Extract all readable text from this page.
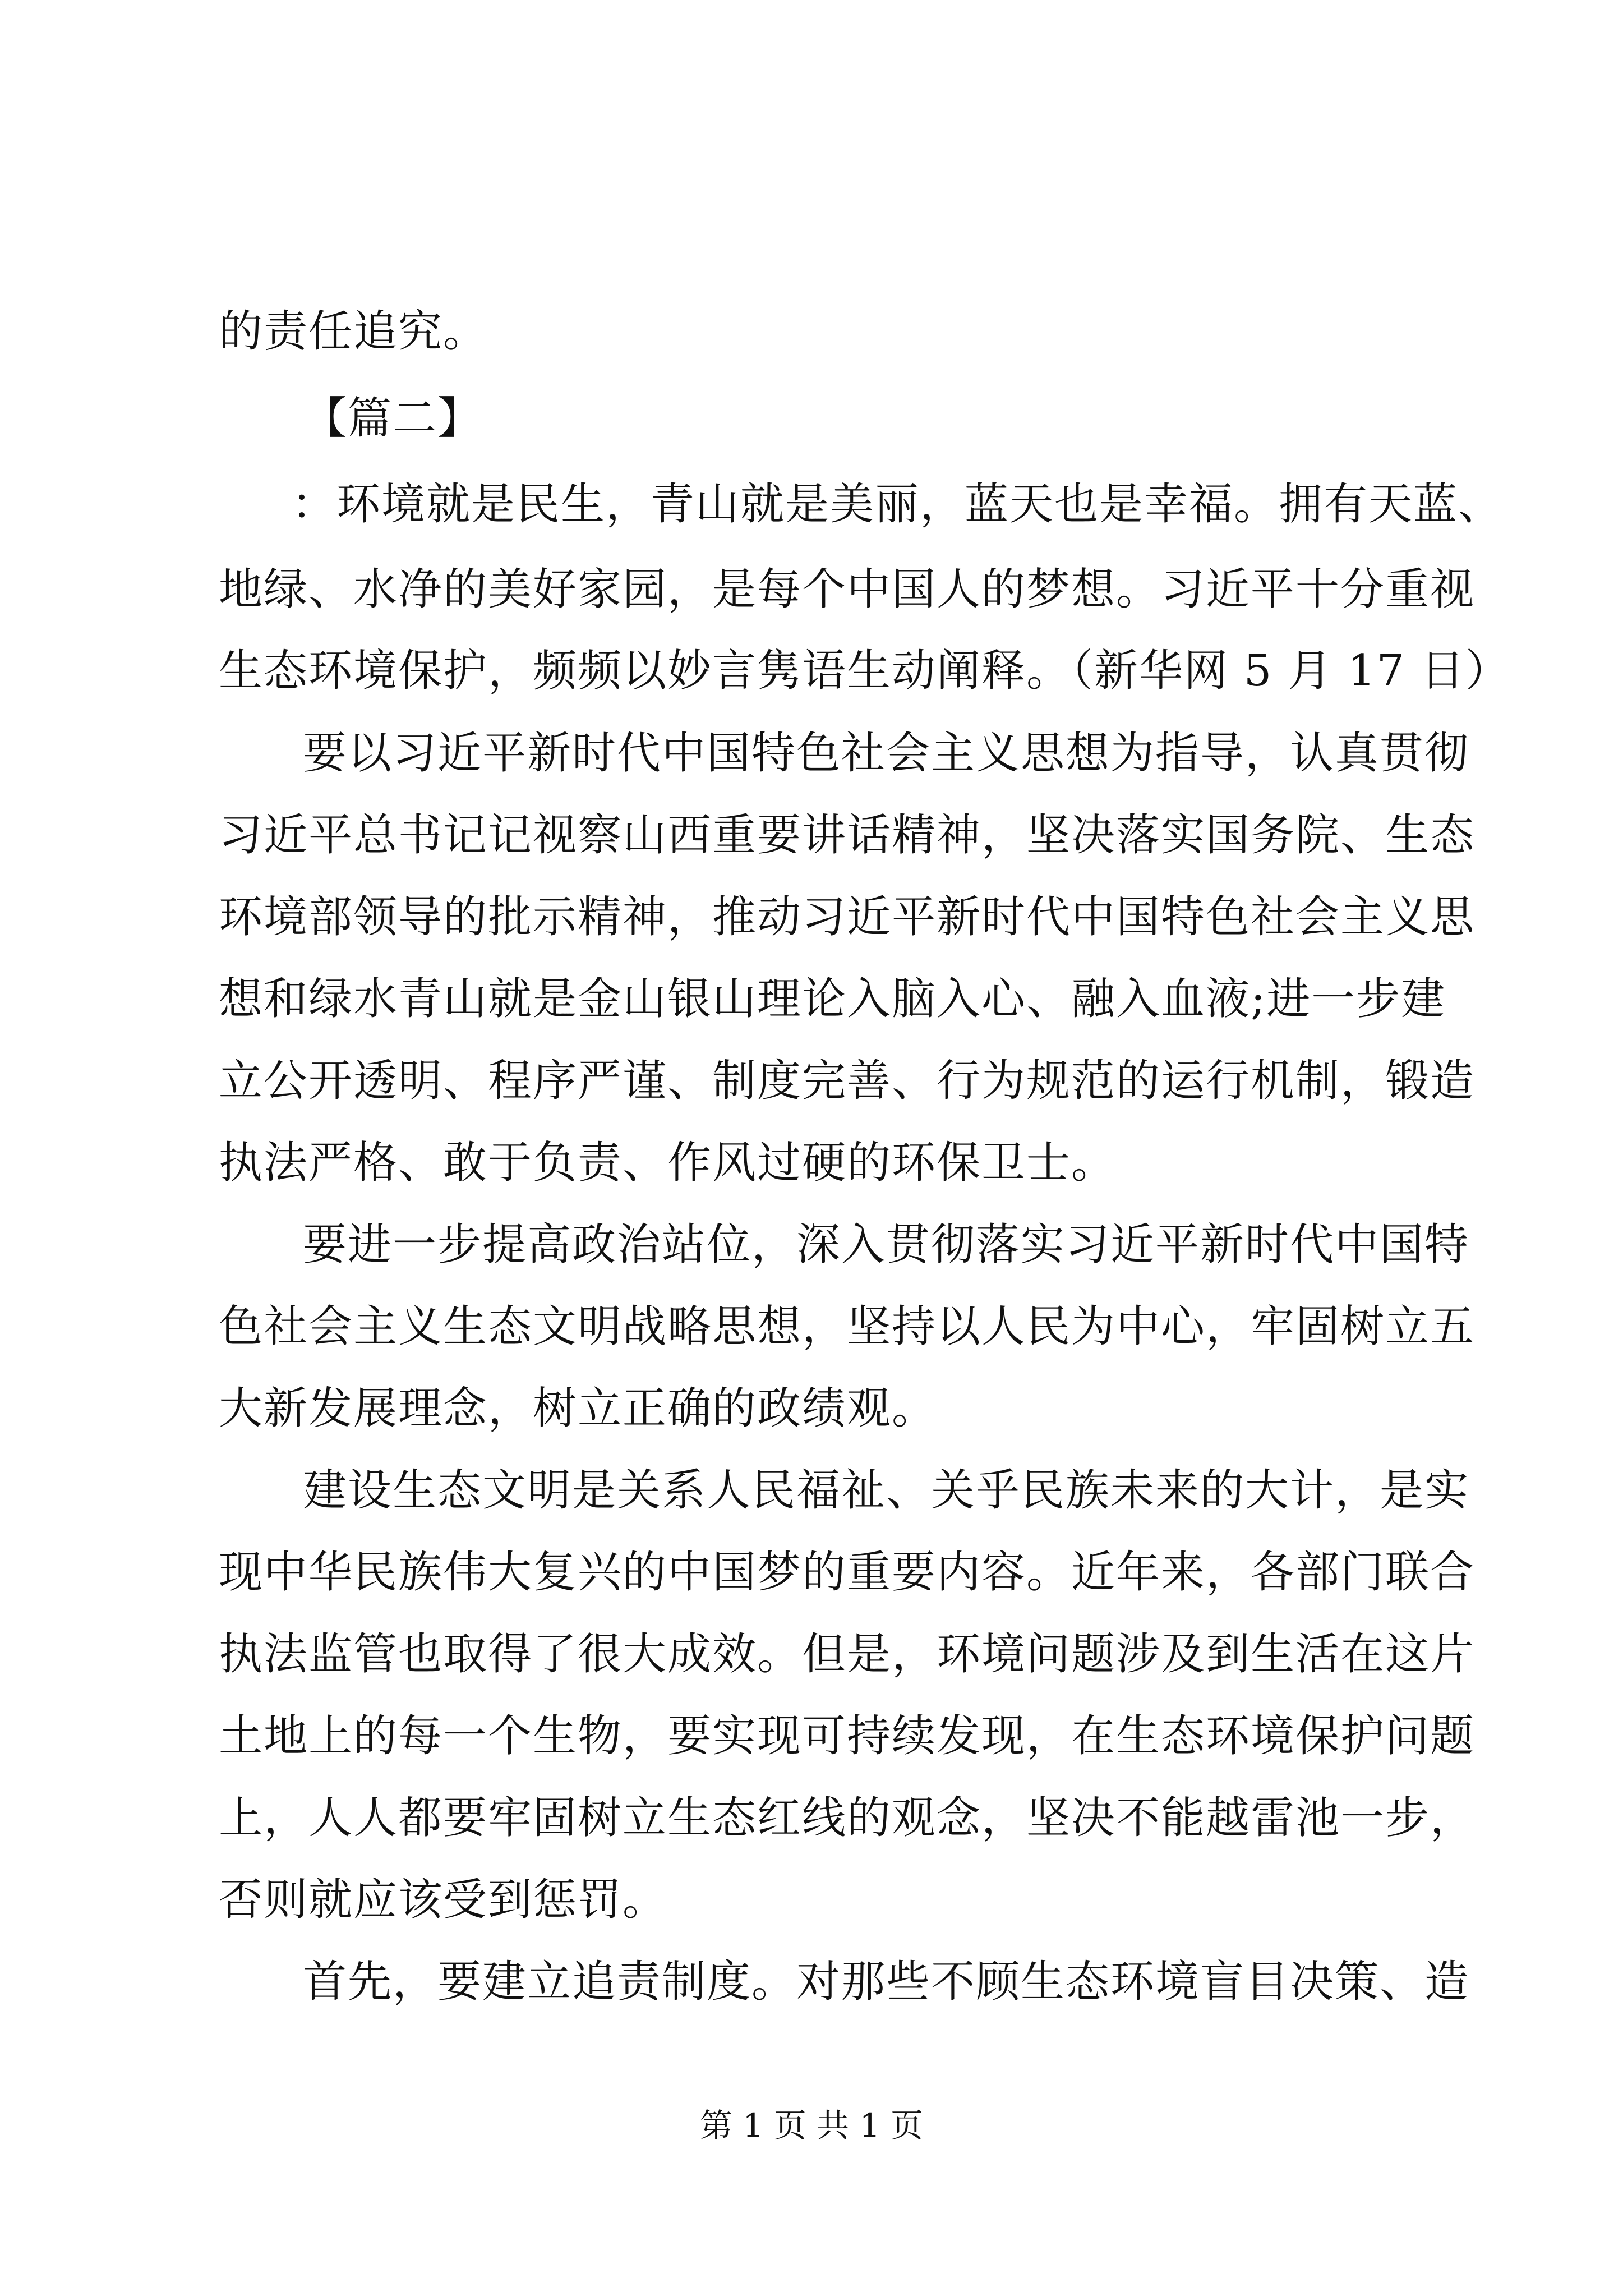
的责任追究。
【篇二】
：环境就是民生，青山就是美丽，蓝天也是幸福。拥有天蓝、
地绿、水净的美好家园，是每个中国人的梦想。习近平十分重视
生态环境保护，频频以妙言隽语生动阐释。（新华网 5 月 17 日）
要以习近平新时代中国特色社会主义思想为指导，认真贯彻
习近平总书记记视察山西重要讲话精神，坚决落实国务院、生态
环境部领导的批示精神，推动习近平新时代中国特色社会主义思
想和绿水青山就是金山银山理论入脑入心、融入血液;进一步建
立公开透明、程序严谨、制度完善、行为规范的运行机制，锻造
执法严格、敢于负责、作风过硬的环保卫士。
要进一步提高政治站位，深入贯彻落实习近平新时代中国特
色社会主义生态文明战略思想，坚持以人民为中心，牢固树立五
大新发展理念，树立正确的政绩观。
建设生态文明是关系人民福祉、关乎民族未来的大计，是实
现中华民族伟大复兴的中国梦的重要内容。近年来，各部门联合
执法监管也取得了很大成效。但是，环境问题涉及到生活在这片
土地上的每一个生物，要实现可持续发现，在生态环境保护问题
上，人人都要牢固树立生态红线的观念，坚决不能越雷池一步，
否则就应该受到惩罚。
首先，要建立追责制度。对那些不顾生态环境盲目决策、造
第 1 页 共 1 页
